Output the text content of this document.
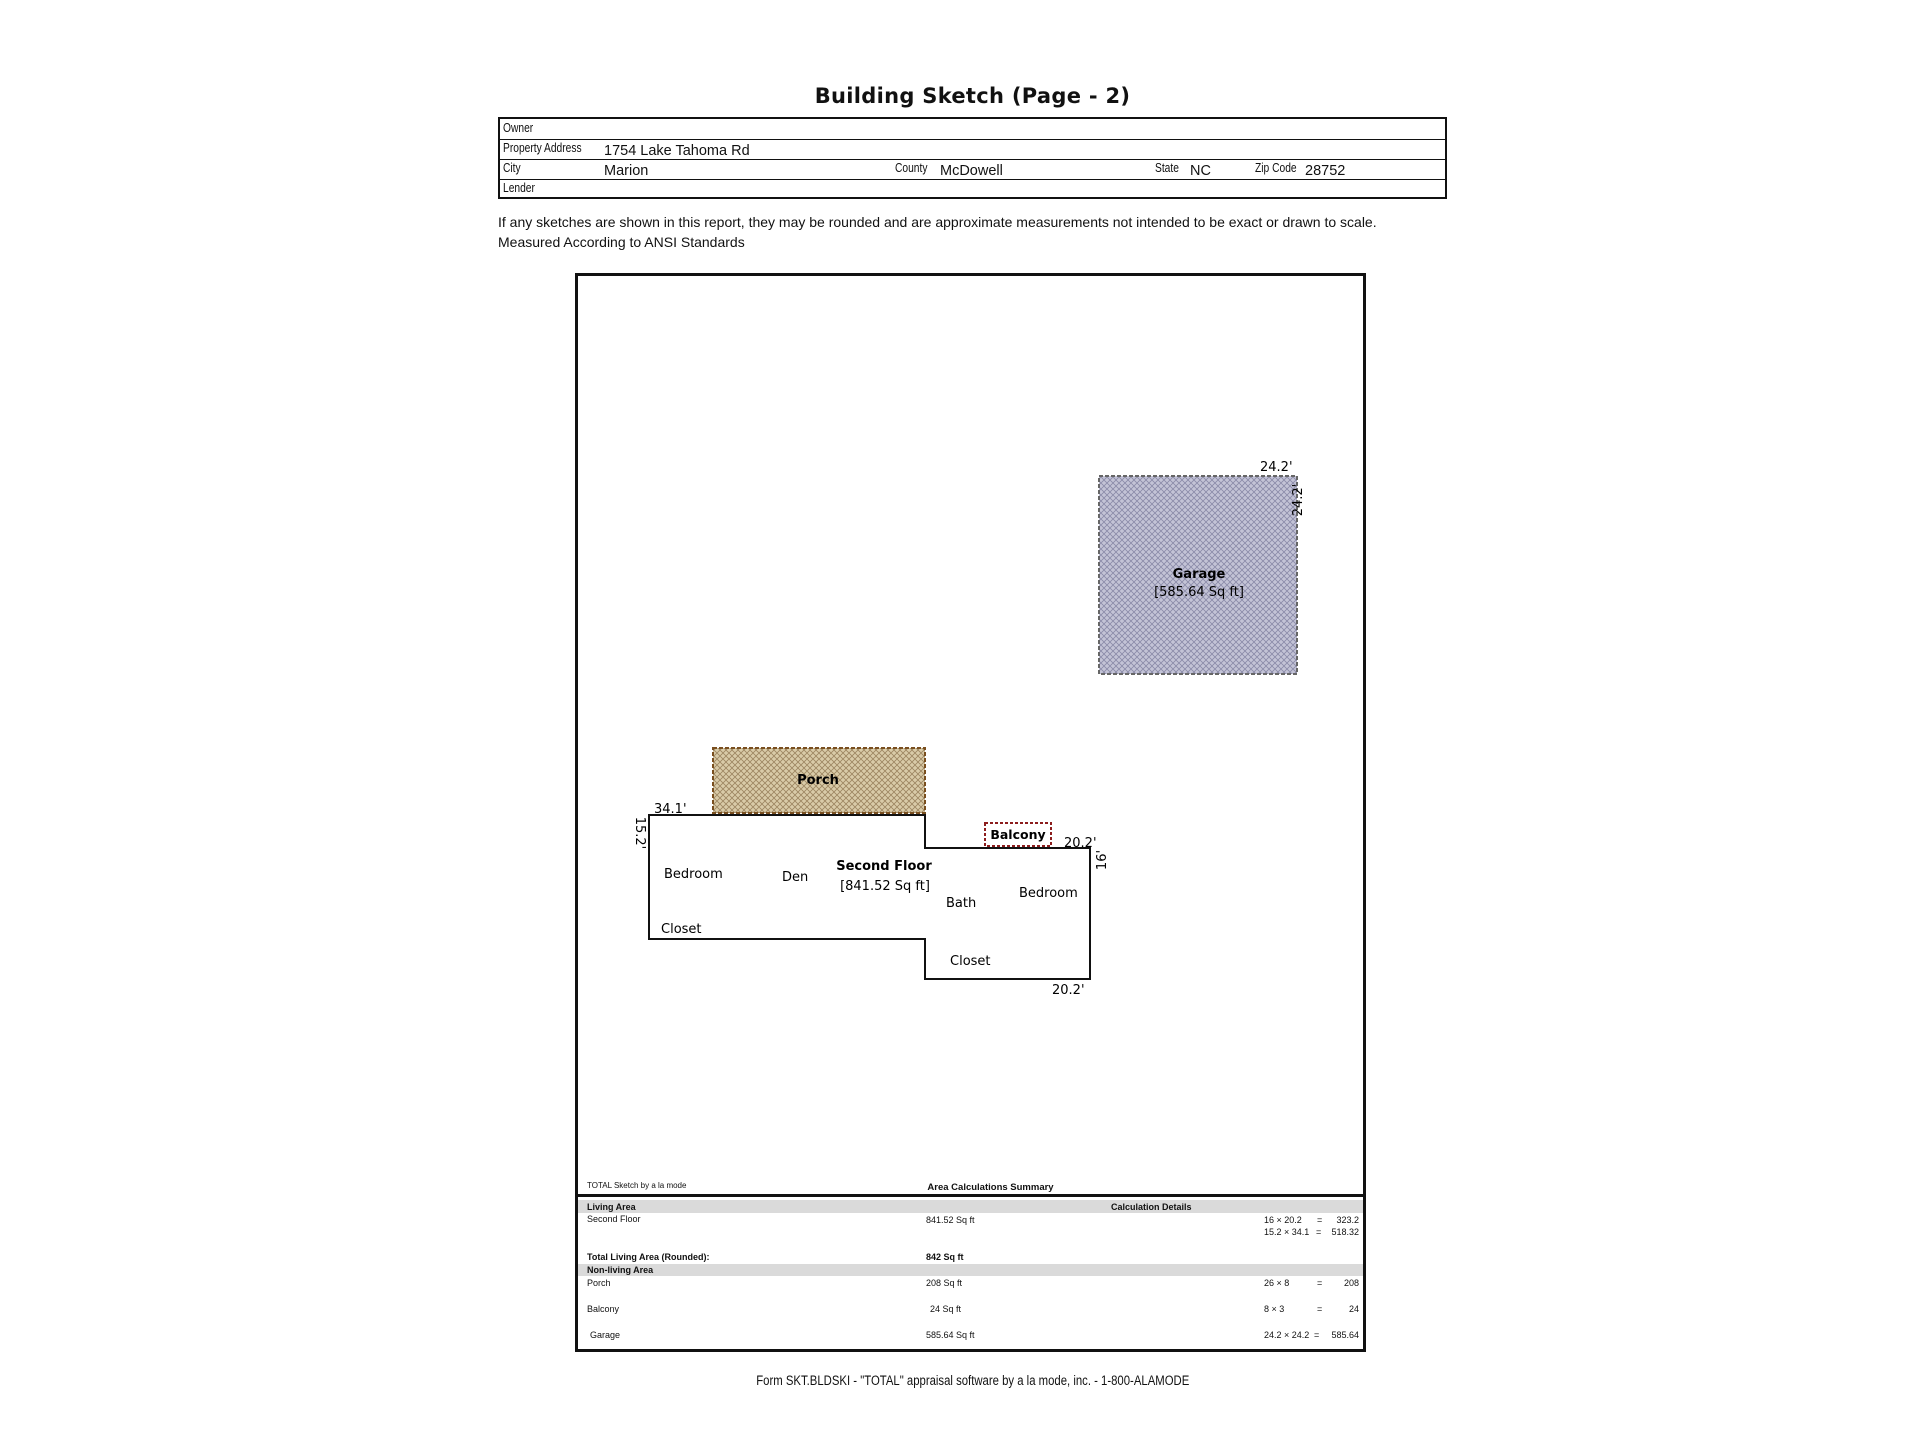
Building Sketch (Page - 2)
Owner
Property Address 1754 Lake Tahoma Rd
City	Marion	County McDowell	State NC	Zip Code 28752
Lender
If any sketches are shown in this report, they may be rounded and are approximate measurements not intended to be exact or drawn to scale.
Measured According to ANSI Standards
Garage
[585.64 Sq ft]
24.2'
24.2'
Porch
Balcony
Second Floor
[841.52 Sq ft]
34.1'
15.2'	20.2'
16'
20.2'
Bedroom	Den
Closet
Bath
Bedroom
Closet
TOTAL Sketch by a la mode	Area Calculations Summary
Living Area	Calculation Details
Second Floor	841.52 Sq ft	16 × 20.2 =	323.2
15.2 × 34.1 =	518.32
Total Living Area (Rounded):	842 Sq ft
Non-living Area
Porch	208 Sq ft	26 × 8	=	208
Balcony	24 Sq ft	8 × 3	=	24
Garage	585.64 Sq ft	24.2 × 24.2 =	585.64
Form SKT.BLDSKI - "TOTAL" appraisal software by a la mode, inc. - 1-800-ALAMODE
